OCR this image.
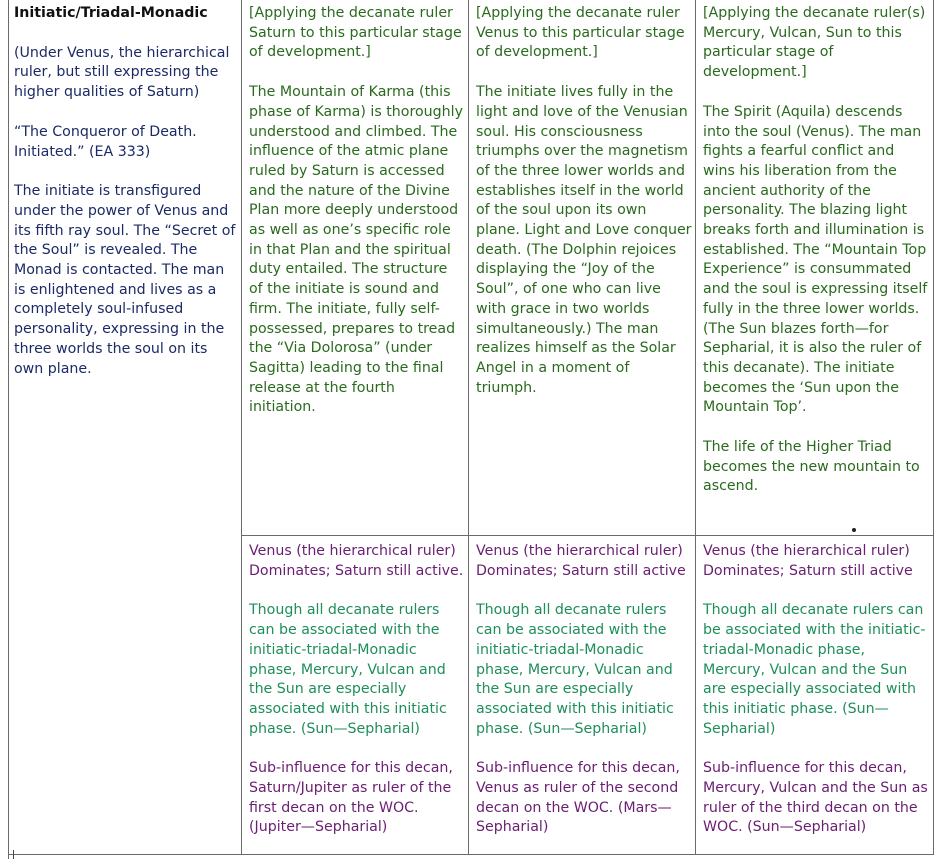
Initiatic/Triadal-Monadic

(Under Venus, the hierarchical ruler, but still expressing the higher qualities of Saturn)

“The Conqueror of Death. Initiated.” (EA 333)

The initiate is transfigured under the power of Venus and its fifth ray soul. The “Secret of the Soul” is revealed. The Monad is contacted. The man is enlightened and lives as a completely soul-infused personality, expressing in the three worlds the soul on its own plane.

[Applying the decanate ruler Saturn to this particular stage of development.]

The Mountain of Karma (this phase of Karma) is thoroughly understood and climbed. The influence of the atmic plane ruled by Saturn is accessed and the nature of the Divine Plan more deeply understood as well as one’s specific role in that Plan and the spiritual duty entailed. The structure of the initiate is sound and firm. The initiate, fully self-possessed, prepares to tread the “Via Dolorosa” (under Sagitta) leading to the final release at the fourth initiation.

[Applying the decanate ruler Venus to this particular stage of development.]

The initiate lives fully in the light and love of the Venusian soul. His consciousness triumphs over the magnetism of the three lower worlds and establishes itself in the world of the soul upon its own plane. Light and Love conquer death. (The Dolphin rejoices displaying the “Joy of the Soul”, of one who can live with grace in two worlds simultaneously.) The man realizes himself as the Solar Angel in a moment of triumph.

[Applying the decanate ruler(s) Mercury, Vulcan, Sun to this particular stage of development.]

The Spirit (Aquila) descends into the soul (Venus). The man fights a fearful conflict and wins his liberation from the ancient authority of the personality. The blazing light breaks forth and illumination is established. The “Mountain Top Experience” is consummated and the soul is expressing itself fully in the three lower worlds. (The Sun blazes forth—for Sepharial, it is also the ruler of this decanate). The initiate becomes the ‘Sun upon the Mountain Top’.

The life of the Higher Triad becomes the new mountain to ascend.

Venus (the hierarchical ruler) Dominates; Saturn still active.

Though all decanate rulers can be associated with the initiatic-triadal-Monadic phase, Mercury, Vulcan and the Sun are especially associated with this initiatic phase. (Sun—Sepharial)

Sub-influence for this decan, Saturn/Jupiter as ruler of the first decan on the WOC. (Jupiter—Sepharial)

Venus (the hierarchical ruler) Dominates; Saturn still active

Though all decanate rulers can be associated with the initiatic-triadal-Monadic phase, Mercury, Vulcan and the Sun are especially associated with this initiatic phase. (Sun—Sepharial)

Sub-influence for this decan, Venus as ruler of the second decan on the WOC. (Mars—Sepharial)

Venus (the hierarchical ruler) Dominates; Saturn still active

Though all decanate rulers can be associated with the initiatic-triadal-Monadic phase, Mercury, Vulcan and the Sun are especially associated with this initiatic phase. (Sun—Sepharial)

Sub-influence for this decan, Mercury, Vulcan and the Sun as ruler of the third decan on the WOC. (Sun—Sepharial)
